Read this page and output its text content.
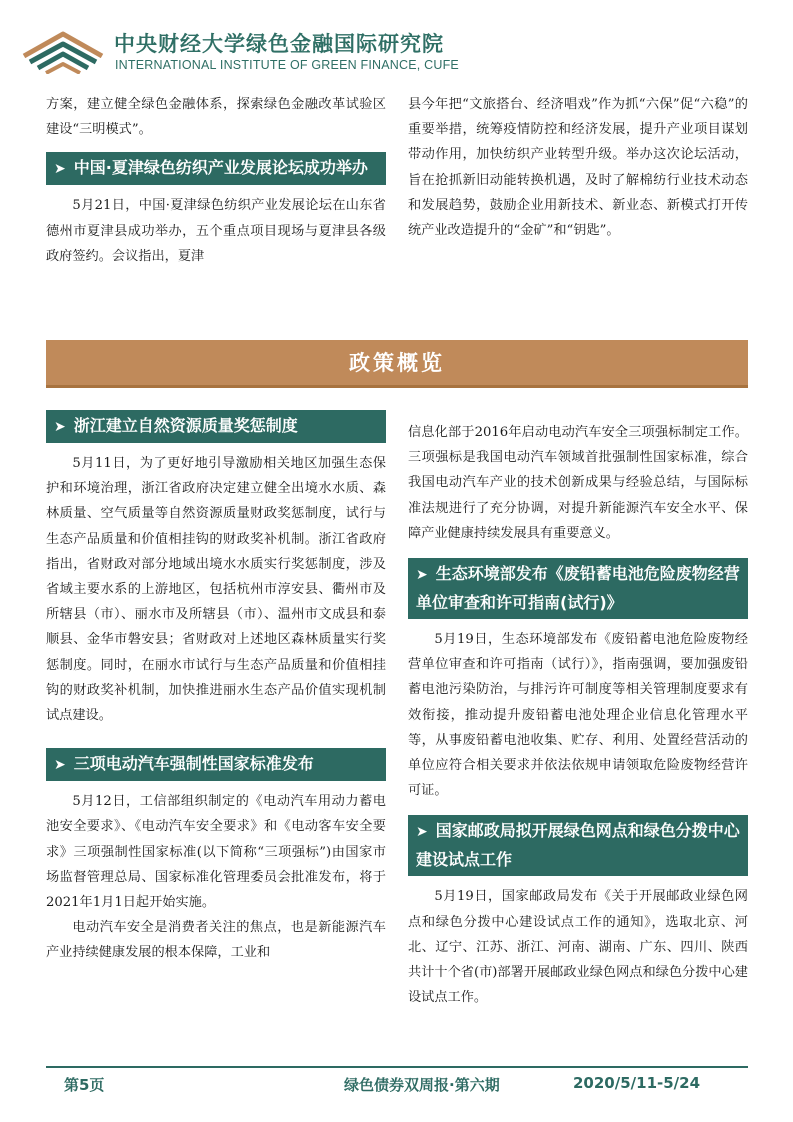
中央财经大学绿色金融国际研究院
INTERNATIONAL INSTITUTE OF GREEN FINANCE, CUFE

方案，建立健全绿色金融体系，探索绿色金融改革试验区建设“三明模式”。

➤ 中国·夏津绿色纺织产业发展论坛成功举办

5月21日，中国·夏津绿色纺织产业发展论坛在山东省德州市夏津县成功举办，五个重点项目现场与夏津县各级政府签约。会议指出，夏津

县今年把“文旅搭台、经济唱戏”作为抓“六保”促“六稳”的重要举措，统筹疫情防控和经济发展，提升产业项目谋划带动作用，加快纺织产业转型升级。举办这次论坛活动，旨在抢抓新旧动能转换机遇，及时了解棉纺行业技术动态和发展趋势，鼓励企业用新技术、新业态、新模式打开传统产业改造提升的“金矿”和“钥匙”。

政策概览
➤ 浙江建立自然资源质量奖惩制度

5月11日，为了更好地引导激励相关地区加强生态保护和环境治理，浙江省政府决定建立健全出境水水质、森林质量、空气质量等自然资源质量财政奖惩制度，试行与生态产品质量和价值相挂钩的财政奖补机制。浙江省政府指出，省财政对部分地域出境水水质实行奖惩制度，涉及省域主要水系的上游地区，包括杭州市淳安县、衢州市及所辖县（市）、丽水市及所辖县（市）、温州市文成县和泰顺县、金华市磐安县；省财政对上述地区森林质量实行奖惩制度。同时，在丽水市试行与生态产品质量和价值相挂钩的财政奖补机制，加快推进丽水生态产品价值实现机制试点建设。

➤ 三项电动汽车强制性国家标准发布

5月12日，工信部组织制定的《电动汽车用动力蓄电池安全要求》、《电动汽车安全要求》和《电动客车安全要求》三项强制性国家标准(以下简称“三项强标”)由国家市场监督管理总局、国家标准化管理委员会批准发布，将于2021年1月1日起开始实施。

电动汽车安全是消费者关注的焦点，也是新能源汽车产业持续健康发展的根本保障，工业和

信息化部于2016年启动电动汽车安全三项强标制定工作。三项强标是我国电动汽车领域首批强制性国家标准，综合我国电动汽车产业的技术创新成果与经验总结，与国际标准法规进行了充分协调，对提升新能源汽车安全水平、保障产业健康持续发展具有重要意义。

➤ 生态环境部发布《废铅蓄电池危险废物经营单位审查和许可指南(试行)》

5月19日，生态环境部发布《废铅蓄电池危险废物经营单位审查和许可指南（试行）》，指南强调，要加强废铅蓄电池污染防治，与排污许可制度等相关管理制度要求有效衔接，推动提升废铅蓄电池处理企业信息化管理水平等，从事废铅蓄电池收集、贮存、利用、处置经营活动的单位应符合相关要求并依法依规申请领取危险废物经营许可证。

➤ 国家邮政局拟开展绿色网点和绿色分拨中心建设试点工作

5月19日，国家邮政局发布《关于开展邮政业绿色网点和绿色分拨中心建设试点工作的通知》，选取北京、河北、辽宁、江苏、浙江、河南、湖南、广东、四川、陕西共计十个省(市)部署开展邮政业绿色网点和绿色分拨中心建设试点工作。

第5页	绿色债券双周报·第六期	2020/5/11-5/24
